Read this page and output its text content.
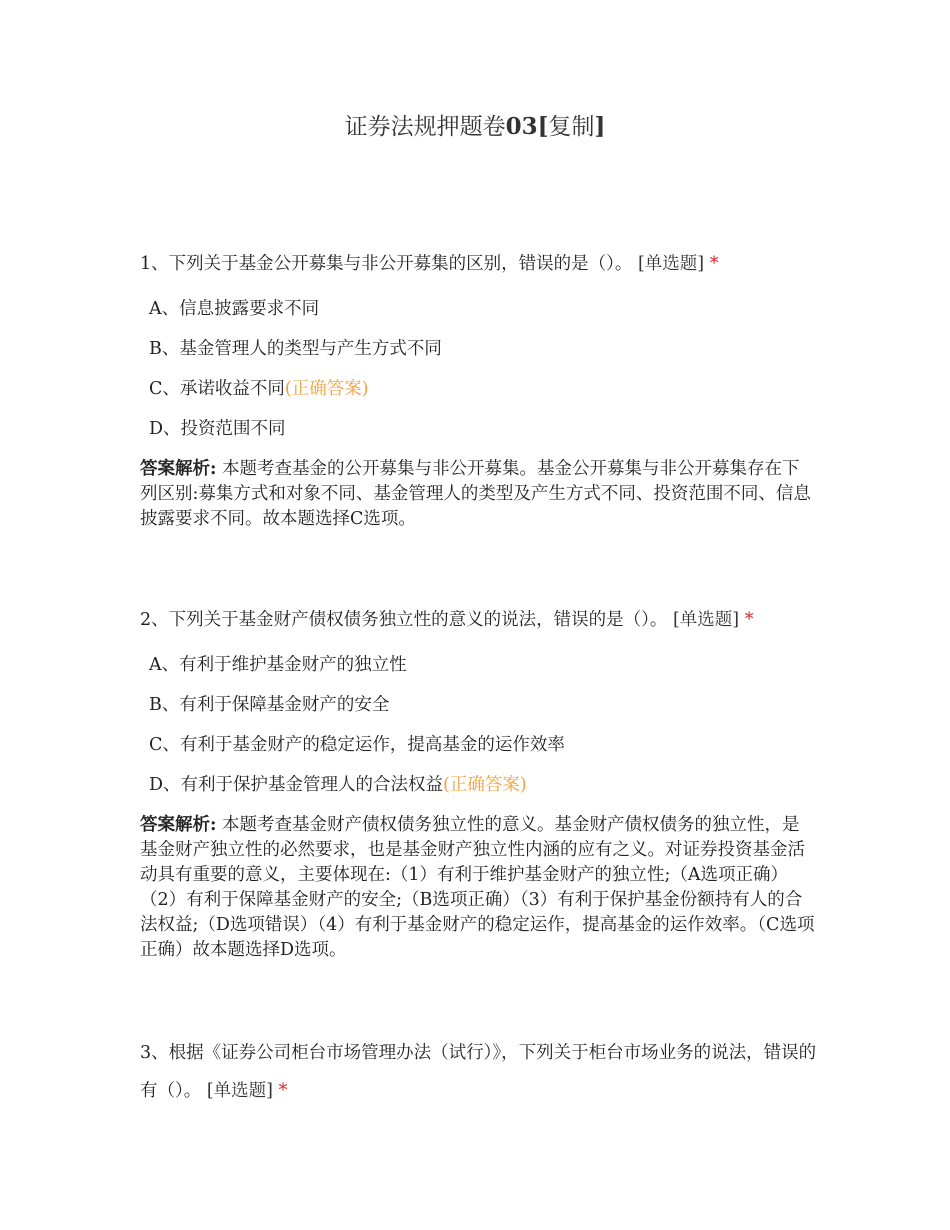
证券法规押题卷03[复制]
1、下列关于基金公开募集与非公开募集的区别，错误的是（）。 [单选题] *
A、信息披露要求不同
B、基金管理人的类型与产生方式不同
C、承诺收益不同(正确答案)
D、投资范围不同
答案解析: 本题考查基金的公开募集与非公开募集。基金公开募集与非公开募集存在下列区别:募集方式和对象不同、基金管理人的类型及产生方式不同、投资范围不同、信息披露要求不同。故本题选择C选项。
2、下列关于基金财产债权债务独立性的意义的说法，错误的是（）。 [单选题] *
A、有利于维护基金财产的独立性
B、有利于保障基金财产的安全
C、有利于基金财产的稳定运作，提高基金的运作效率
D、有利于保护基金管理人的合法权益(正确答案)
答案解析: 本题考查基金财产债权债务独立性的意义。基金财产债权债务的独立性，是基金财产独立性的必然要求，也是基金财产独立性内涵的应有之义。对证券投资基金活动具有重要的意义，主要体现在:（1）有利于维护基金财产的独立性;（A选项正确）（2）有利于保障基金财产的安全;（B选项正确）（3）有利于保护基金份额持有人的合法权益;（D选项错误）（4）有利于基金财产的稳定运作，提高基金的运作效率。（C选项正确）故本题选择D选项。
3、根据《证券公司柜台市场管理办法（试行）》，下列关于柜台市场业务的说法，错误的有（）。 [单选题] *
